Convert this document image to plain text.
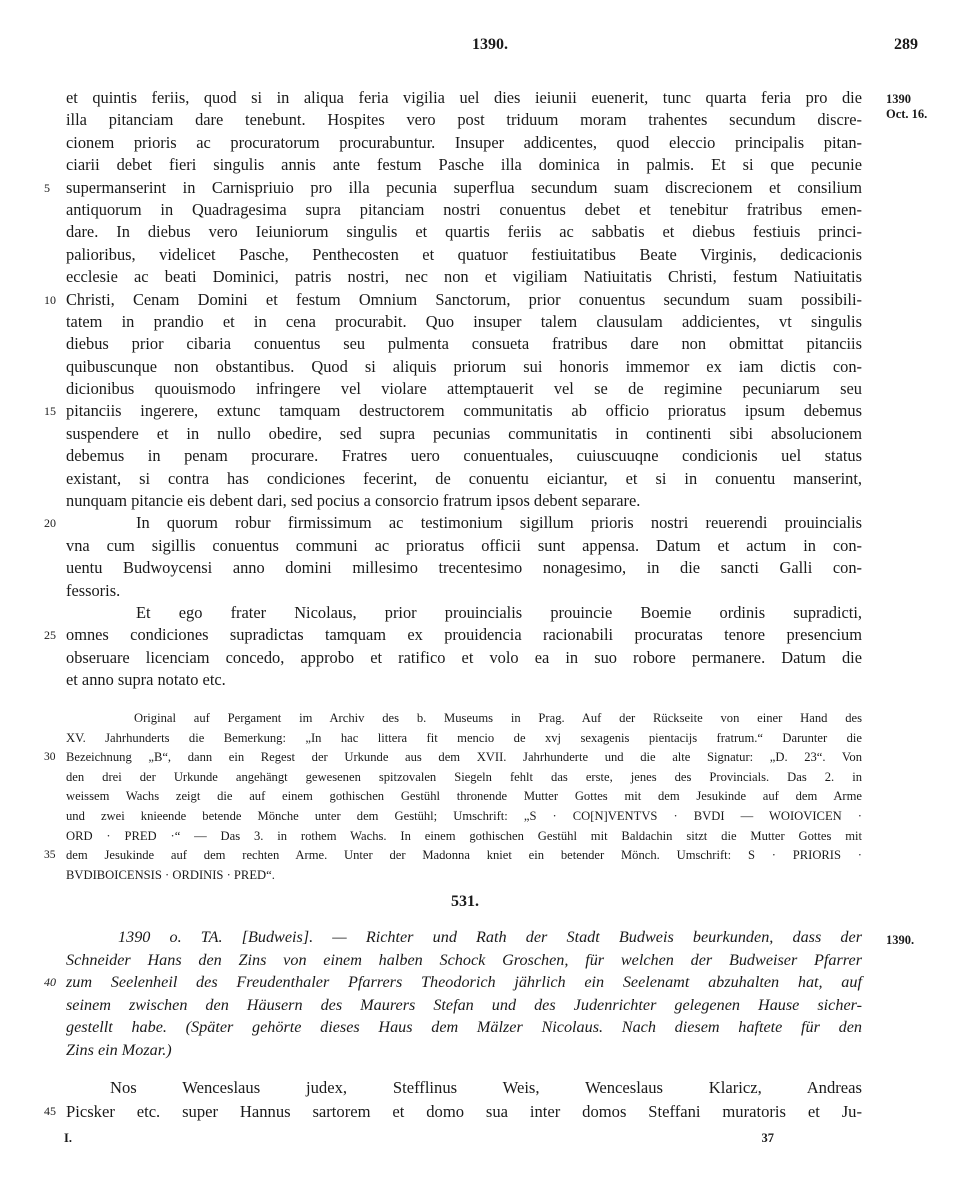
1390.	289
1390
Oct. 16.
1390.
et quintis feriis, quod si in aliqua feria vigilia uel dies ieiunii euenerit, tunc quarta feria pro die
illa pitanciam dare tenebunt. Hospites vero post triduum moram trahentes secundum discre-
cionem prioris ac procuratorum procurabuntur. Insuper addicentes, quod eleccio principalis pitan-
ciarii debet fieri singulis annis ante festum Pasche illa dominica in palmis. Et si que pecunie
5 supermanserint in Carnispriuio pro illa pecunia superflua secundum suam discrecionem et consilium
antiquorum in Quadragesima supra pitanciam nostri conuentus debet et tenebitur fratribus emen-
dare. In diebus vero Ieiuniorum singulis et quartis feriis ac sabbatis et diebus festiuis princi-
palioribus, videlicet Pasche, Penthecosten et quatuor festiuitatibus Beate Virginis, dedicacionis
ecclesie ac beati Dominici, patris nostri, nec non et vigiliam Natiuitatis Christi, festum Natiuitatis
10 Christi, Cenam Domini et festum Omnium Sanctorum, prior conuentus secundum suam possibili-
tatem in prandio et in cena procurabit. Quo insuper talem clausulam addicientes, vt singulis
diebus prior cibaria conuentus seu pulmenta consueta fratribus dare non obmittat pitanciis
quibuscunque non obstantibus. Quod si aliquis priorum sui honoris immemor ex iam dictis con-
dicionibus quouismodo infringere vel violare attemptauerit vel se de regimine pecuniarum seu
15 pitanciis ingerere, extunc tamquam destructorem communitatis ab officio prioratus ipsum debemus
suspendere et in nullo obedire, sed supra pecunias communitatis in continenti sibi absolucionem
debemus in penam procurare. Fratres uero conuentuales, cuiuscuuqne condicionis uel status
existant, si contra has condiciones fecerint, de conuentu eiciantur, et si in conuentu manserint,
nunquam pitancie eis debent dari, sed pocius a consorcio fratrum ipsos debent separare.
20	In quorum robur firmissimum ac testimonium sigillum prioris nostri reuerendi prouincialis
vna cum sigillis conuentus communi ac prioratus officii sunt appensa. Datum et actum in con-
uentu Budwoycensi anno domini millesimo trecentesimo nonagesimo, in die sancti Galli con-
fessoris.
Et ego frater Nicolaus, prior prouincialis prouincie Boemie ordinis supradicti,
25 omnes condiciones supradictas tamquam ex prouidencia racionabili procuratas tenore presencium
obseruare licenciam concedo, approbo et ratifico et volo ea in suo robore permanere. Datum die
et anno supra notato etc.
Original auf Pergament im Archiv des b. Museums in Prag. Auf der Rückseite von einer Hand des
XV. Jahrhunderts die Bemerkung: „In hac littera fit mencio de xvj sexagenis pientacijs fratrum.“ Darunter die
30 Bezeichnung „B“, dann ein Regest der Urkunde aus dem XVII. Jahrhunderte und die alte Signatur: „D. 23“. Von
den drei der Urkunde angehängt gewesenen spitzovalen Siegeln fehlt das erste, jenes des Provincials. Das 2. in
weissem Wachs zeigt die auf einem gothischen Gestühl thronende Mutter Gottes mit dem Jesukinde auf dem Arme
und zwei knieende betende Mönche unter dem Gestühl; Umschrift: „S · CO[N]VENTVS · BVDI — WOIOVICEN ·
ORD · PRED ·“ — Das 3. in rothem Wachs. In einem gothischen Gestühl mit Baldachin sitzt die Mutter Gottes mit
35 dem Jesukinde auf dem rechten Arme. Unter der Madonna kniet ein betender Mönch. Umschrift: S · PRIORIS ·
BVDIBOICENSIS · ORDINIS · PRED“.
531.
1390 o. TA. [Budweis]. — Richter und Rath der Stadt Budweis beurkunden, dass der
Schneider Hans den Zins von einem halben Schock Groschen, für welchen der Budweiser Pfarrer
40 zum Seelenheil des Freudenthaler Pfarrers Theodorich jährlich ein Seelenamt abzuhalten hat, auf
seinem zwischen den Häusern des Maurers Stefan und des Judenrichter gelegenen Hause sicher-
gestellt habe. (Später gehörte dieses Haus dem Mälzer Nicolaus. Nach diesem haftete für den
Zins ein Mozar.)
Nos Wenceslaus judex, Stefflinus Weis, Wenceslaus Klaricz, Andreas
45 Picsker etc. super Hannus sartorem et domo sua inter domos Steffani muratoris et Ju-
I.	37
